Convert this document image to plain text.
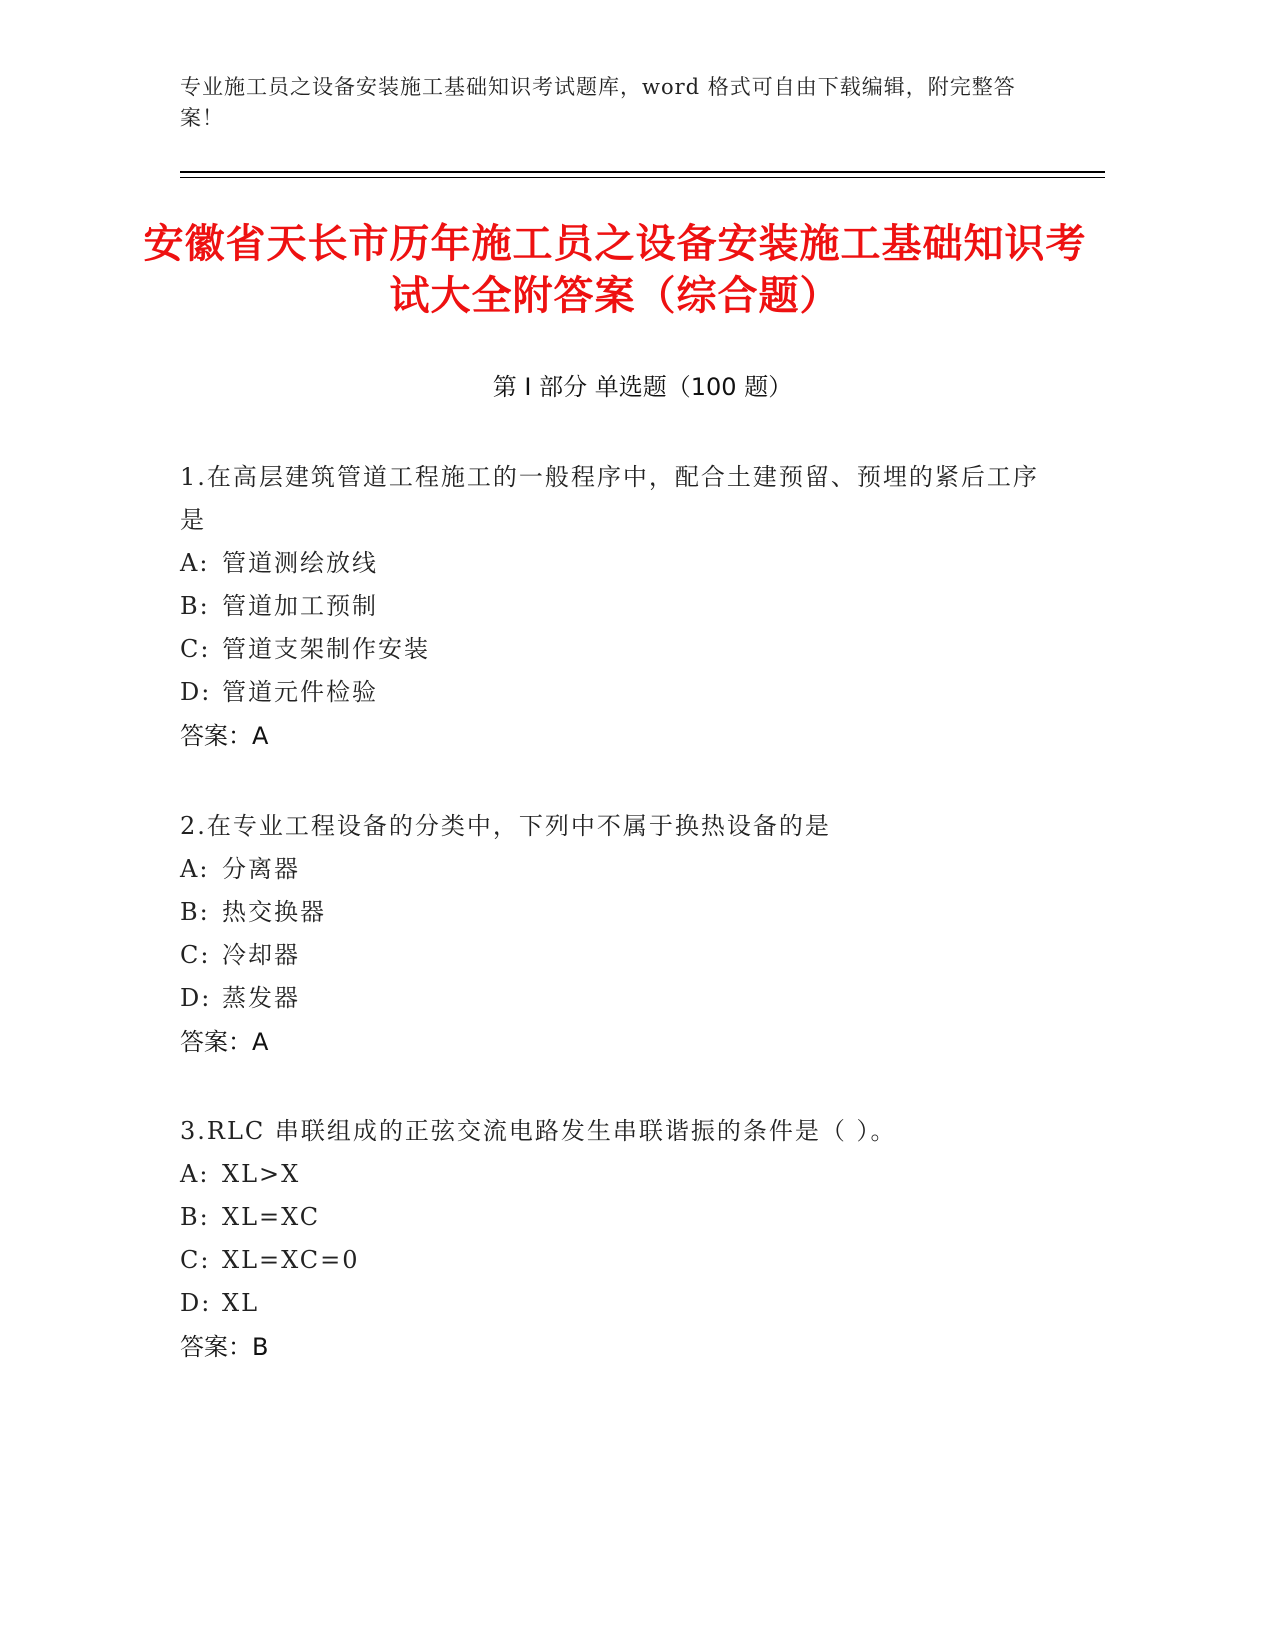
专业施工员之设备安装施工基础知识考试题库，word 格式可自由下载编辑，附完整答案！
安徽省天长市历年施工员之设备安装施工基础知识考试大全附答案（综合题）
第 I 部分 单选题（100 题）

1.在高层建筑管道工程施工的一般程序中，配合土建预留、预埋的紧后工序是

A: 管道测绘放线

B: 管道加工预制

C: 管道支架制作安装

D: 管道元件检验

答案：A

2.在专业工程设备的分类中，下列中不属于换热设备的是

A: 分离器

B: 热交换器

C: 冷却器

D: 蒸发器

答案：A

3.RLC 串联组成的正弦交流电路发生串联谐振的条件是（ ）。

A: XL>X

B: XL=XC

C: XL=XC=0

D: XL

答案：B
